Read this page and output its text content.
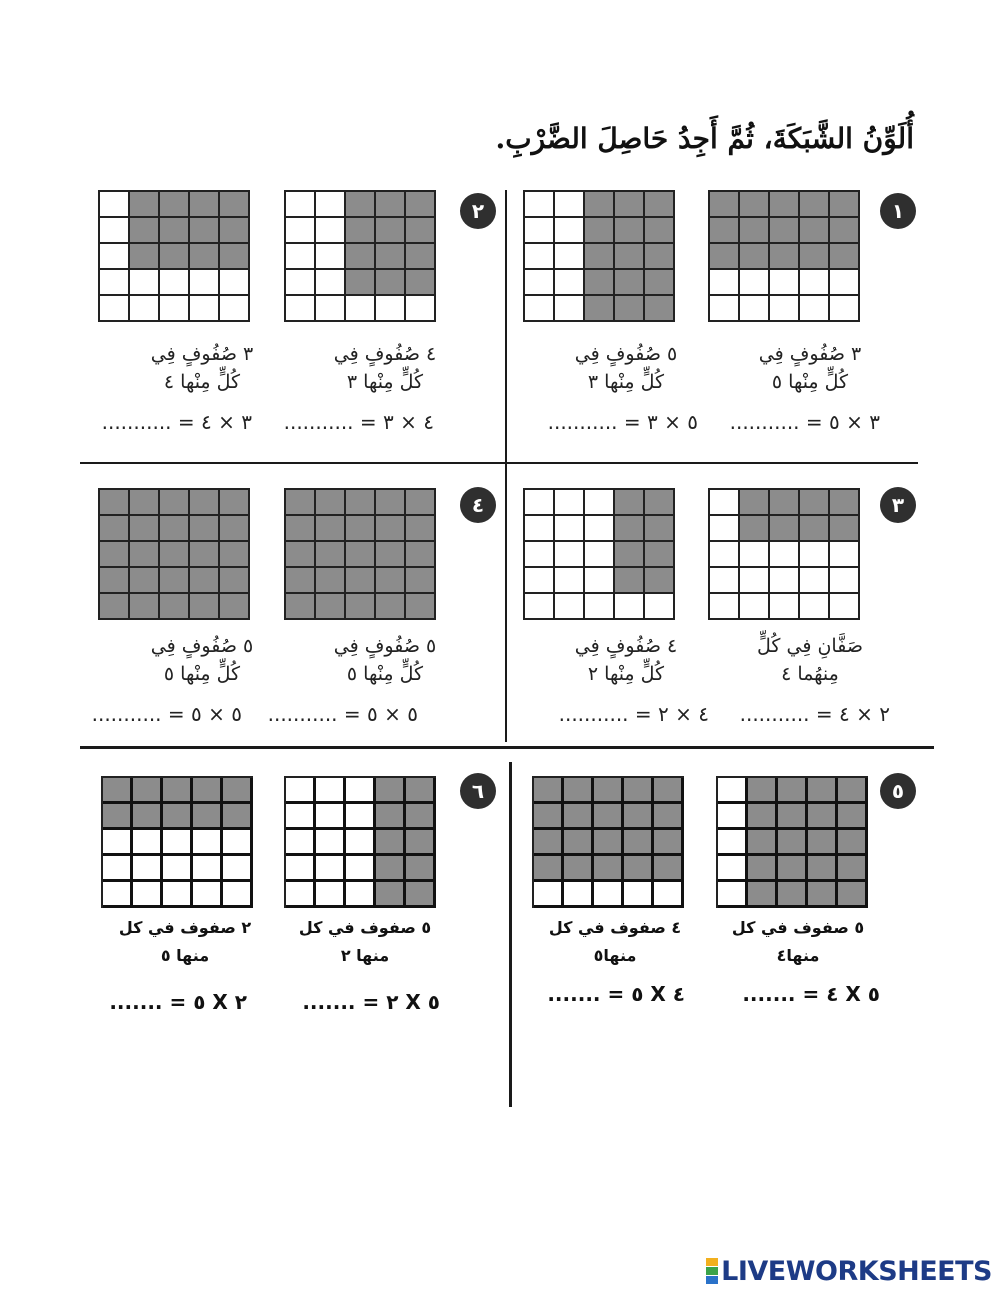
أُلَوِّنُ الشَّبَكَةَ، ثُمَّ أَجِدُ حَاصِلَ الضَّرْبِ.
١
٣ صُفُوفٍ فِي
كُلٍّ مِنْها ٥
٣ × ٥ = ...........
٥ صُفُوفٍ فِي
كُلٍّ مِنْها ٣
٥ × ٣ = ...........
٢
٤ صُفُوفٍ فِي
كُلٍّ مِنْها ٣
٤ × ٣ = ...........
٣ صُفُوفٍ فِي
كُلٍّ مِنْها ٤
٣ × ٤ = ...........
٣
صَفَّانِ فِي كُلٍّ
مِنهُما ٤
٢ × ٤ = ...........
٤ صُفُوفٍ فِي
كُلٍّ مِنْها ٢
٤ × ٢ = ...........
٤
٥ صُفُوفٍ فِي
كُلٍّ مِنْها ٥
٥ × ٥ = ...........
٥ صُفُوفٍ فِي
كُلٍّ مِنْها ٥
٥ × ٥ = ...........
٥
٥ صفوف في كل
منها٤
٥ X ٤ = .......
٤ صفوف في كل
منها٥
٤ X ٥ = .......
٦
٥ صفوف في كل
منها ٢
٥ X ٢ = .......
٢ صفوف في كل
منها ٥
٢ X ٥ = .......
LIVEWORKSHEETS
